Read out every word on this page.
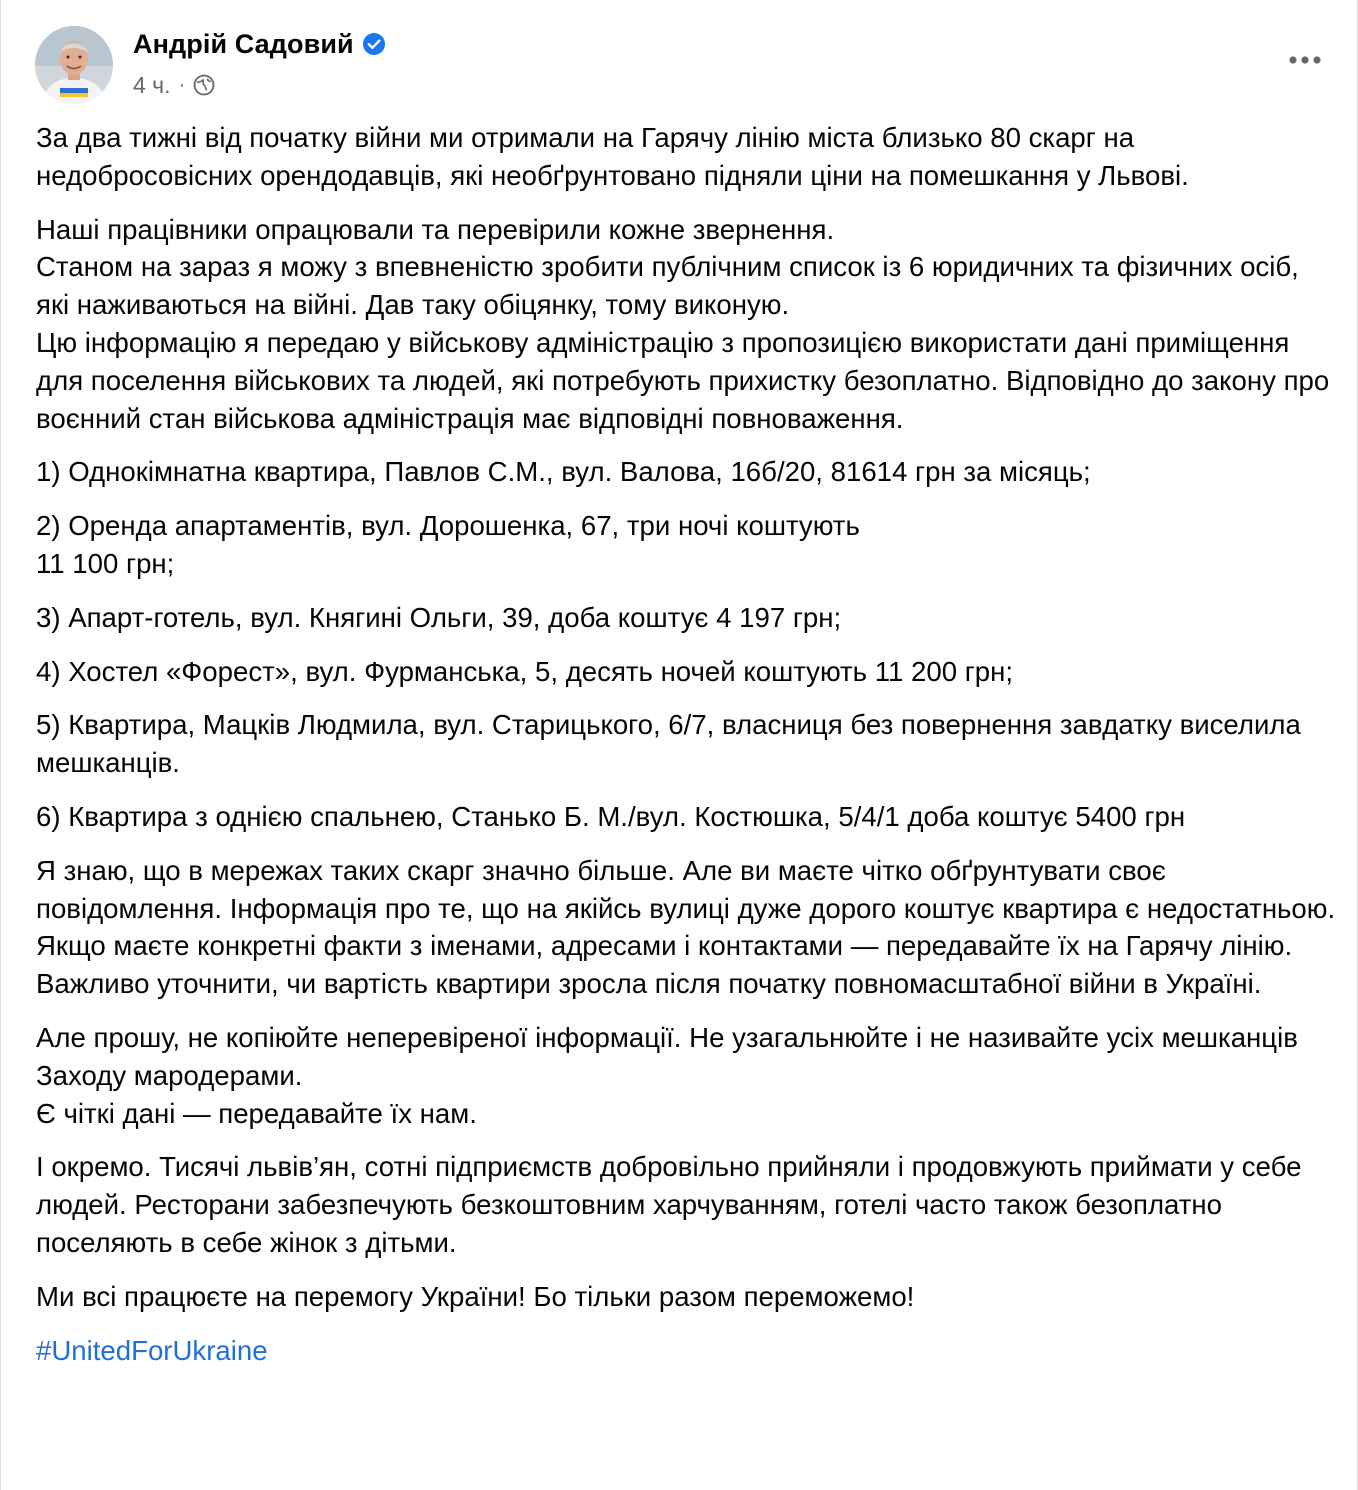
Андрій Садовий
4 ч. ·

За два тижні від початку війни ми отримали на Гарячу лінію міста близько 80 скарг на недобросовісних орендодавців, які необґрунтовано підняли ціни на помешкання у Львові.

Наші працівники опрацювали та перевірили кожне звернення.
Станом на зараз я можу з впевненістю зробити публічним список із 6 юридичних та фізичних осіб, які наживаються на війні. Дав таку обіцянку, тому виконую.
Цю інформацію я передаю у військову адміністрацію з пропозицією використати дані приміщення для поселення військових та людей, які потребують прихистку безоплатно. Відповідно до закону про воєнний стан військова адміністрація має відповідні повноваження.

1) Однокімнатна квартира, Павлов С.М., вул. Валова, 16б/20, 81614 грн за місяць;

2) Оренда апартаментів, вул. Дорошенка, 67, три ночі коштують
11 100 грн;

3) Апарт-готель, вул. Княгині Ольги, 39, доба коштує 4 197 грн;

4) Хостел «Форест», вул. Фурманська, 5, десять ночей коштують 11 200 грн;

5) Квартира, Мацків Людмила, вул. Старицького, 6/7, власниця без повернення завдатку виселила мешканців.

6) Квартира з однією спальнею, Станько Б. М./вул. Костюшка, 5/4/1 доба коштує 5400 грн

Я знаю, що в мережах таких скарг значно більше. Але ви маєте чітко обґрунтувати своє повідомлення. Інформація про те, що на якійсь вулиці дуже дорого коштує квартира є недостатньою. Якщо маєте конкретні факти з іменами, адресами і контактами — передавайте їх на Гарячу лінію. Важливо уточнити, чи вартість квартири зросла після початку повномасштабної війни в Україні.

Але прошу, не копіюйте неперевіреної інформації. Не узагальнюйте і не називайте усіх мешканців Заходу мародерами.
Є чіткі дані — передавайте їх нам.

І окремо. Тисячі львів’ян, сотні підприємств добровільно прийняли і продовжують приймати у себе людей. Ресторани забезпечують безкоштовним харчуванням, готелі часто також безоплатно поселяють в себе жінок з дітьми.

Ми всі працюєте на перемогу України! Бо тільки разом переможемо!

#UnitedForUkraine
